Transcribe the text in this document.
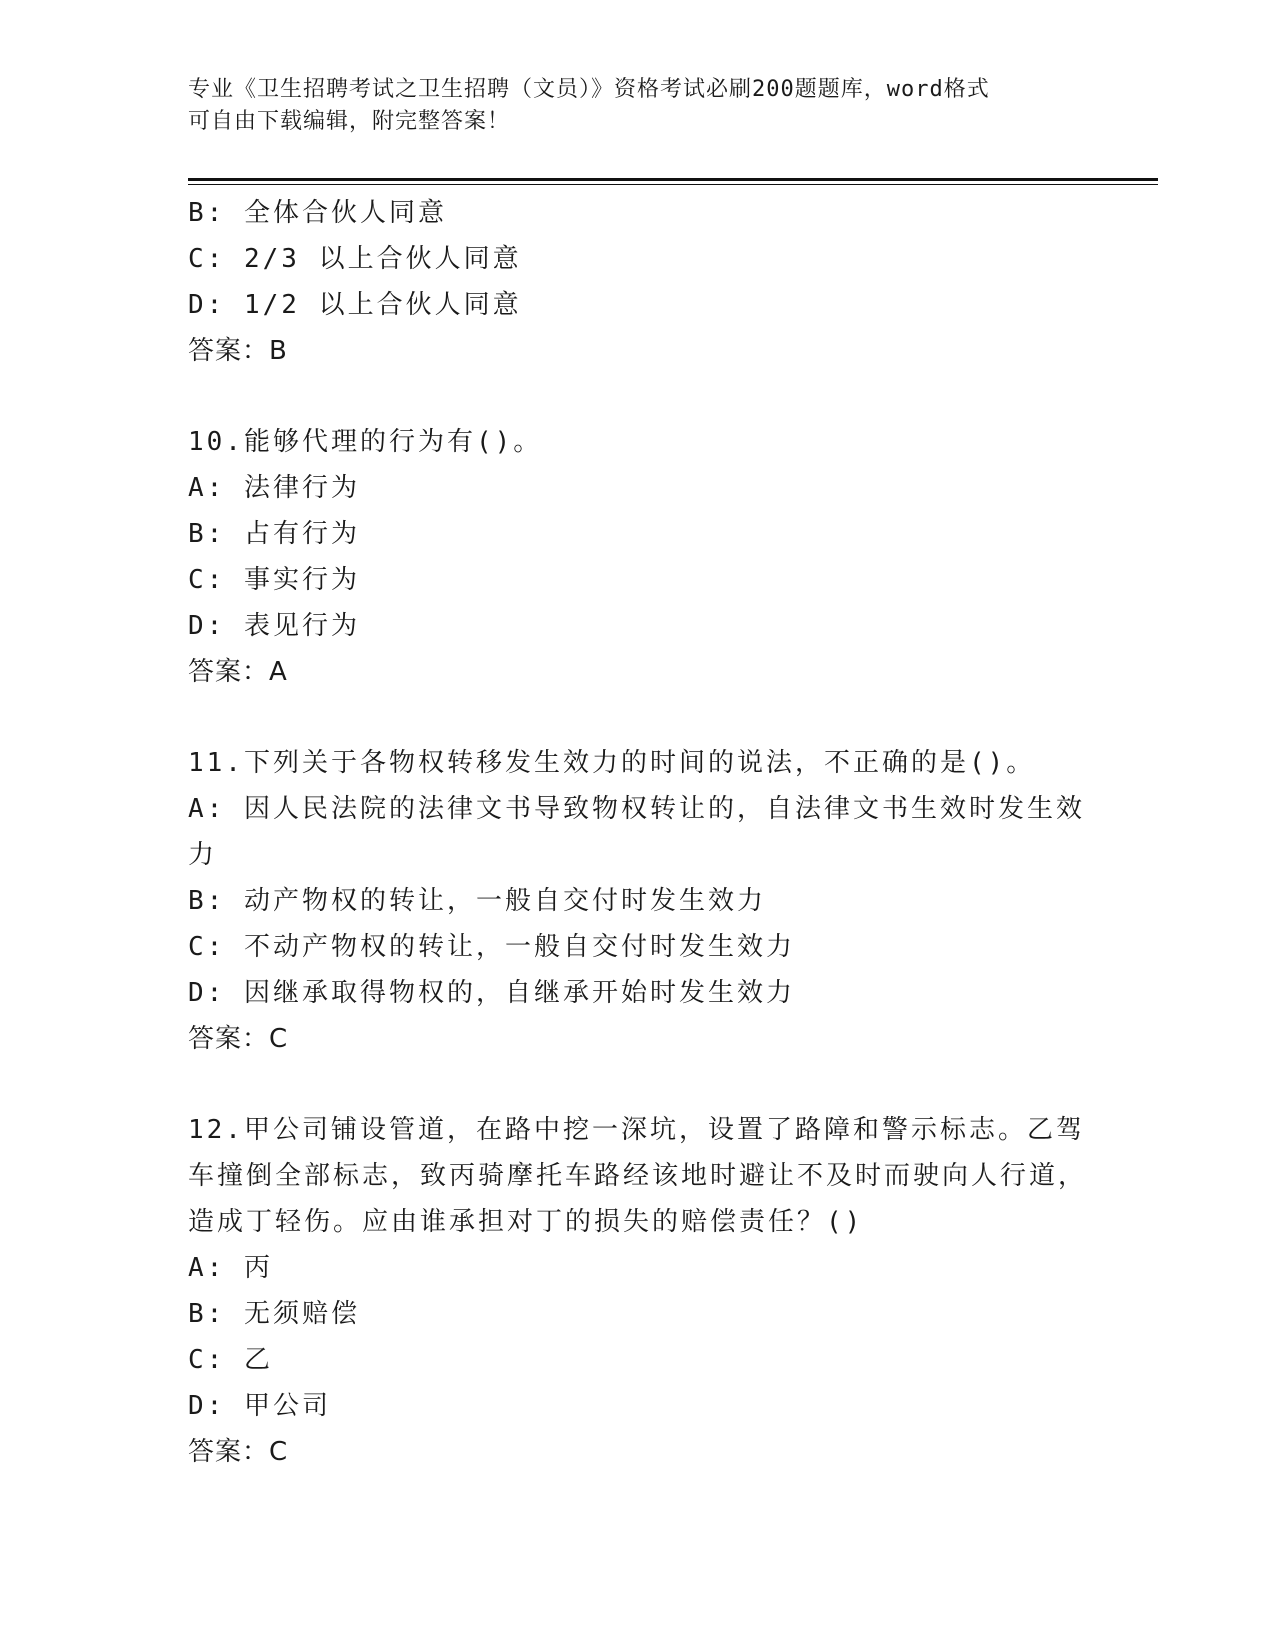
专业《卫生招聘考试之卫生招聘（文员）》资格考试必刷200题题库，word格式
可自由下载编辑，附完整答案！
B: 全体合伙人同意
C: 2/3 以上合伙人同意
D: 1/2 以上合伙人同意
答案：B
10.能够代理的行为有()。
A: 法律行为
B: 占有行为
C: 事实行为
D: 表见行为
答案：A
11.下列关于各物权转移发生效力的时间的说法，不正确的是()。
A: 因人民法院的法律文书导致物权转让的，自法律文书生效时发生效力
B: 动产物权的转让，一般自交付时发生效力
C: 不动产物权的转让，一般自交付时发生效力
D: 因继承取得物权的，自继承开始时发生效力
答案：C
12.甲公司铺设管道，在路中挖一深坑，设置了路障和警示标志。乙驾车撞倒全部标志，致丙骑摩托车路经该地时避让不及时而驶向人行道，造成丁轻伤。应由谁承担对丁的损失的赔偿责任？()
A: 丙
B: 无须赔偿
C: 乙
D: 甲公司
答案：C
